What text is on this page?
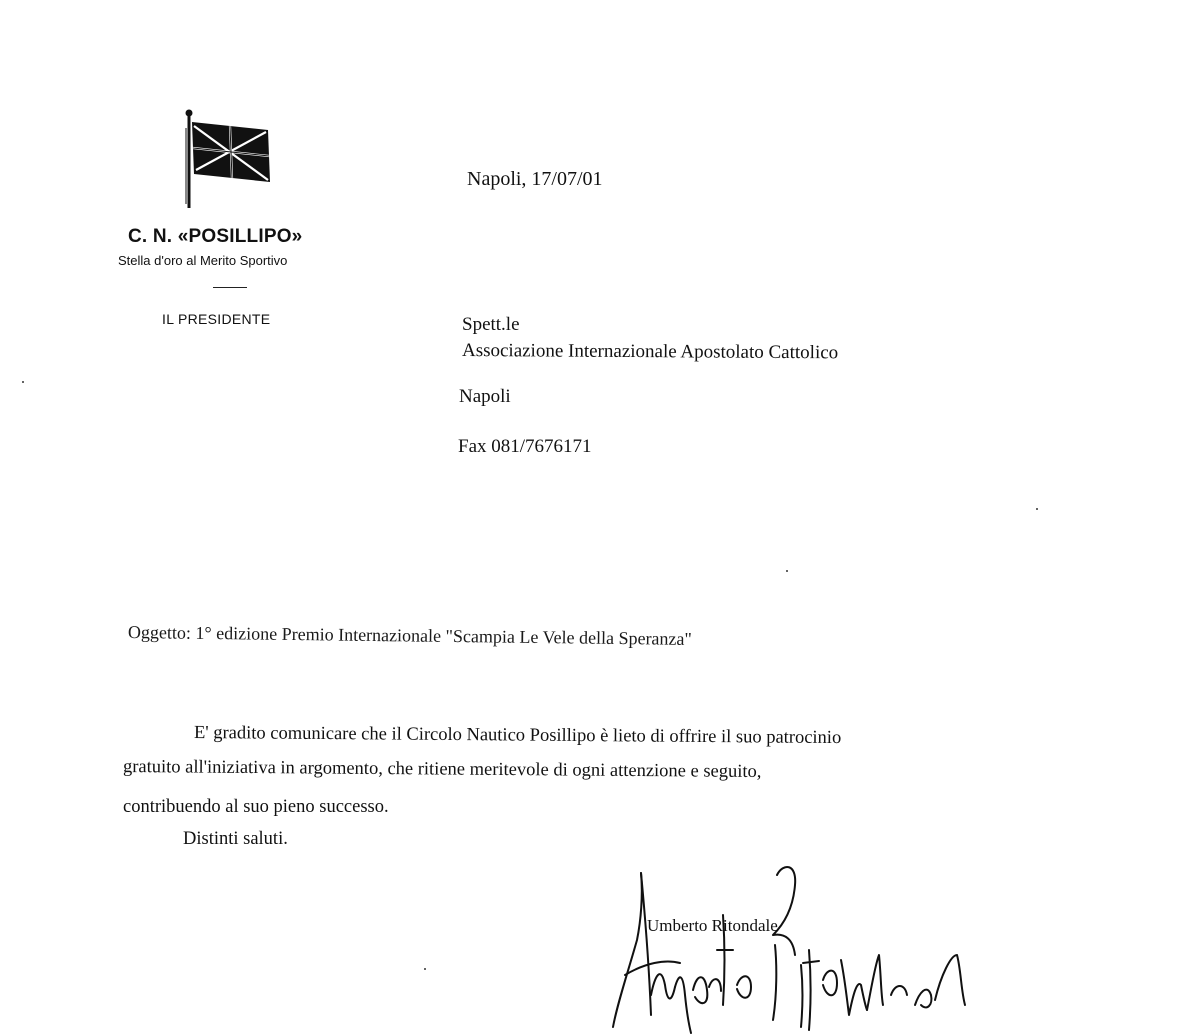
C. N. «POSILLIPO»
Stella d'oro al Merito Sportivo
IL PRESIDENTE
Napoli, 17/07/01
Spett.le
Associazione Internazionale Apostolato Cattolico
Napoli
Fax 081/7676171
Oggetto: 1° edizione Premio Internazionale "Scampia Le Vele della Speranza"
E' gradito comunicare che il Circolo Nautico Posillipo è lieto di offrire il suo patrocinio
gratuito all'iniziativa in argomento, che ritiene meritevole di ogni attenzione e seguito,
contribuendo al suo pieno successo.
Distinti saluti.
Umberto Ritondale
